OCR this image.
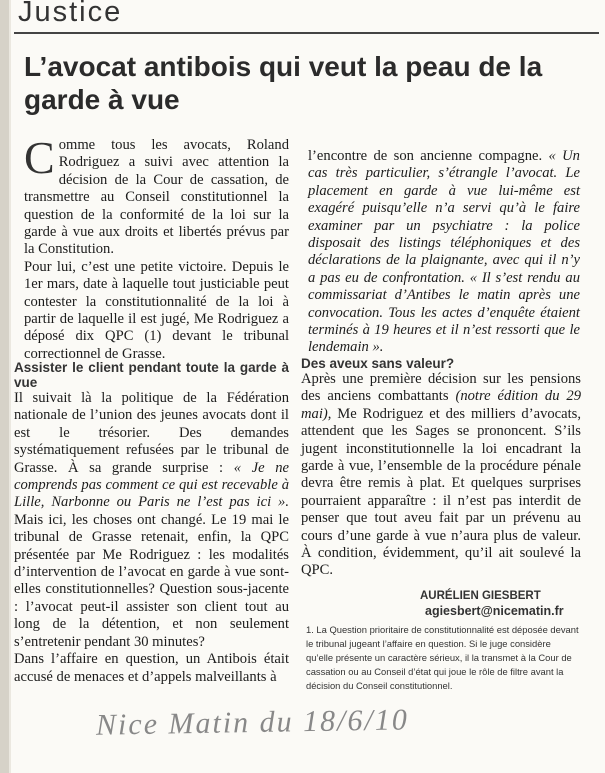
Justice
L’avocat antibois qui veut la peau de la garde à vue

Comme tous les avocats, Roland Rodriguez a suivi avec attention la décision de la Cour de cassation, de transmettre au Conseil constitutionnel la question de la conformité de la loi sur la garde à vue aux droits et libertés prévus par la Constitution.

Pour lui, c’est une petite victoire. Depuis le 1er mars, date à laquelle tout justiciable peut contester la constitutionnalité de la loi à partir de laquelle il est jugé, Me Rodriguez a déposé dix QPC (1) devant le tribunal correctionnel de Grasse.

l’encontre de son ancienne compagne. « Un cas très particulier, s’étrangle l’avocat. Le placement en garde à vue lui-même est exagéré puisqu’elle n’a servi qu’à le faire examiner par un psychiatre : la police disposait des listings téléphoniques et des déclarations de la plaignante, avec qui il n’y a pas eu de confrontation. « Il s’est rendu au commissariat d’Antibes le matin après une convocation. Tous les actes d’enquête étaient terminés à 19 heures et il n’est ressorti que le lendemain ».

Assister le client pendant toute la garde à vue

Il suivait là la politique de la Fédération nationale de l’union des jeunes avocats dont il est le trésorier. Des demandes systématiquement refusées par le tribunal de Grasse. À sa grande surprise : « Je ne comprends pas comment ce qui est recevable à Lille, Narbonne ou Paris ne l’est pas ici ». Mais ici, les choses ont changé. Le 19 mai le tribunal de Grasse retenait, enfin, la QPC présentée par Me Rodriguez : les modalités d’intervention de l’avocat en garde à vue sont-elles constitutionnelles? Question sous-jacente : l’avocat peut-il assister son client tout au long de la détention, et non seulement s’entretenir pendant 30 minutes?

Dans l’affaire en question, un Antibois était accusé de menaces et d’appels malveillants à

Des aveux sans valeur?

Après une première décision sur les pensions des anciens combattants (notre édition du 29 mai), Me Rodriguez et des milliers d’avocats, attendent que les Sages se prononcent. S’ils jugent inconstitutionnelle la loi encadrant la garde à vue, l’ensemble de la procédure pénale devra être remis à plat. Et quelques surprises pourraient apparaître : il n’est pas interdit de penser que tout aveu fait par un prévenu au cours d’une garde à vue n’aura plus de valeur. À condition, évidemment, qu’il ait soulevé la QPC.

AURÉLIEN GIESBERT
agiesbert@nicematin.fr
1. La Question prioritaire de constitutionnalité est déposée devant le tribunal jugeant l’affaire en question. Si le juge considère qu’elle présente un caractère sérieux, il la transmet à la Cour de cassation ou au Conseil d’état qui joue le rôle de filtre avant la décision du Conseil constitutionnel.
Nice Matin du 18/6/10
